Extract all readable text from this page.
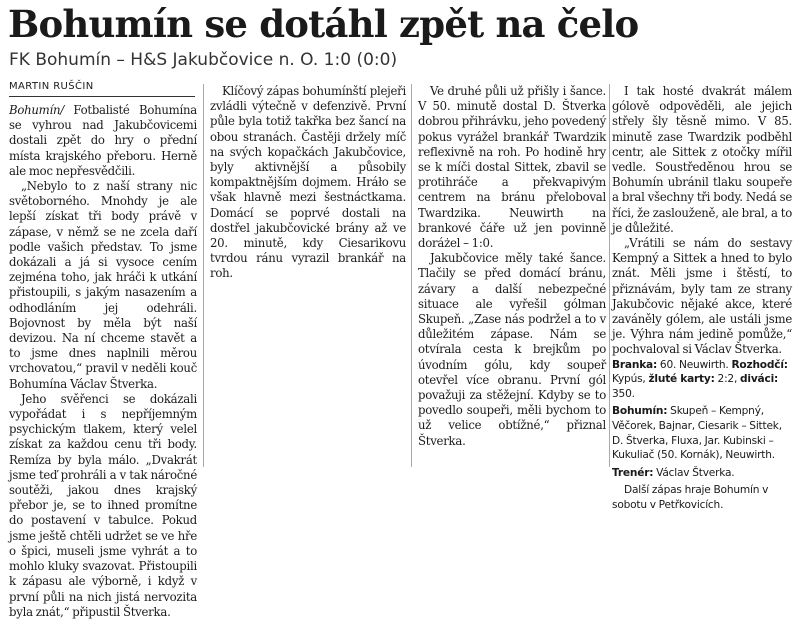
Bohumín se dotáhl zpět na čelo
FK Bohumín – H&S Jakubčovice n. O. 1:0 (0:0)
MARTIN RUŠČIN

Bohumín/ Fotbalisté Bohumína se vyhrou nad Jakubčovicemi dostali zpět do hry o přední místa krajského přeboru. Herně ale moc nepřesvědčili.

„Nebylo to z naší strany nic světoborného. Mnohdy je ale lepší získat tři body právě v zápase, v němž se ne zcela daří podle vašich představ. To jsme dokázali a já si vysoce cením zejména toho, jak hráči k utkání přistoupili, s jakým nasazením a odhodláním jej odehráli. Bojovnost by měla být naší devizou. Na ní chceme stavět a to jsme dnes naplnili měrou vrchovatou,“ pravil v neděli kouč Bohumína Václav Štverka.

Jeho svěřenci se dokázali vypořádat i s nepříjemným psychickým tlakem, který velel získat za každou cenu tři body. Remíza by byla málo. „Dvakrát jsme teď prohráli a v tak náročné soutěži, jakou dnes krajský přebor je, se to ihned promítne do postavení v tabulce. Pokud jsme ještě chtěli udržet se ve hře o špici, museli jsme vyhrát a to mohlo kluky svazovat. Přistoupili k zápasu ale výborně, i když v první půli na nich jistá nervozita byla znát,“ připustil Štverka.

Klíčový zápas bohumínští plejeři zvládli výtečně v defenzivě. První půle byla totiž takřka bez šancí na obou stranách. Častěji držely míč na svých kopačkách Jakubčovice, byly aktivnější a působily kompaktnějším dojmem. Hráło se však hlavně mezi šestnáctkama. Domácí se poprvé dostali na dostřel jakubčovické brány až ve 20. minutě, kdy Ciesarikovu tvrdou ránu vyrazil brankář na roh.

Ve druhé půli už přišly i šance. V 50. minutě dostal D. Štverka dobrou přihrávku, jeho povedený pokus vyrážel brankář Twardzik reflexivně na roh. Po hodině hry se k míči dostal Sittek, zbavil se protihráče a překvapivým centrem na bránu přeloboval Twardzika. Neuwirth na brankové čáře už jen povinně doráżel – 1:0.

Jakubčovice měly také šance. Tlačily se před domácí bránu, závary a další nebezpečné situace ale vyřešil gólman Skupeň. „Zase nás podržel a to v důležitém zápase. Nám se otvírala cesta k brejkům po úvodním gólu, kdy soupeř otevřel více obranu. První gól považuji za stěžejní. Kdyby se to povedlo soupeři, měli bychom to už velice obtížné,“ přiznal Štverka.

I tak hosté dvakrát málem gólově odpověděli, ale jejich střely šly těsně mimo. V 85. minutě zase Twardzik podběhl centr, ale Sittek z otočky mířil vedle. Soustředěnou hrou se Bohumín ubránil tlaku soupeře a bral všechny tři body. Nedá se říci, že zaslouženě, ale bral, a to je důležité.

„Vrátili se nám do sestavy Kempný a Sittek a hned to bylo znát. Měli jsme i štěstí, to přiznávám, byly tam ze strany Jakubčovic nějaké akce, které zaváněly gólem, ale ustáli jsme je. Výhra nám jedině pomůže,“ pochvaloval si Václav Štverka.

Branka: 60. Neuwirth. Rozhodčí: Kypús, žluté karty: 2:2, diváci: 350.

Bohumín: Skupeň – Kempný, Věčorek, Bajnar, Ciesarik – Sittek, D. Štverka, Fluxa, Jar. Kubinski – Kukuliač (50. Kornák), Neuwirth.

Trenér: Václav Štverka.

Další zápas hraje Bohumín v sobotu v Petřkovicích.
